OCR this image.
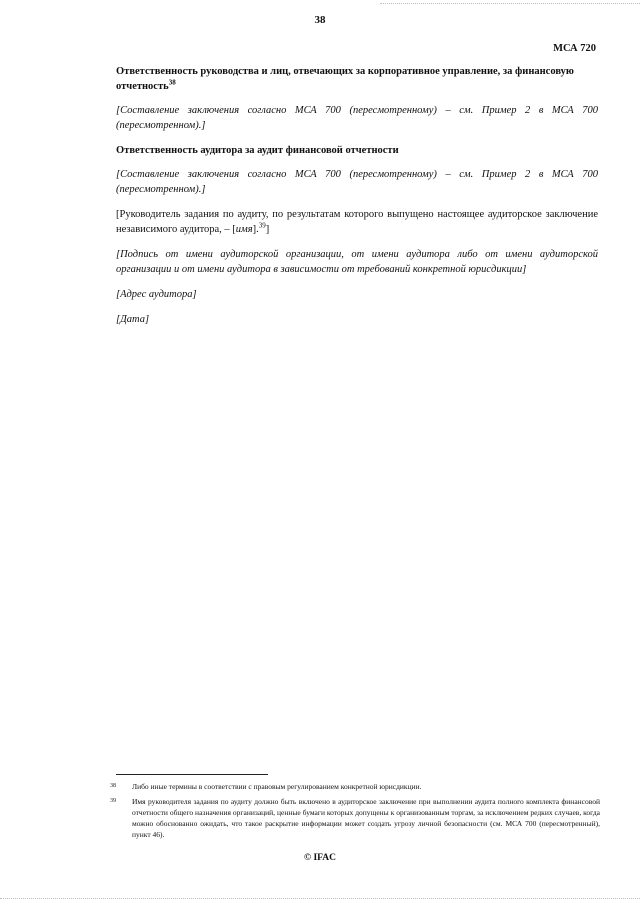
38
МСА 720

Ответственность руководства и лиц, отвечающих за корпоративное управление, за финансовую отчетность$^{38}$

[Составление заключения согласно МСА 700 (пересмотренному) – см. Пример 2 в МСА 700 (пересмотренном).]

Ответственность аудитора за аудит финансовой отчетности

[Составление заключения согласно МСА 700 (пересмотренному) – см. Пример 2 в МСА 700 (пересмотренном).]

[Руководитель задания по аудиту, по результатам которого выпущено настоящее аудиторское заключение независимого аудитора, – [имя].$^{39}$]

[Подпись от имени аудиторской организации, от имени аудитора либо от имени аудиторской организации и от имени аудитора в зависимости от требований конкретной юрисдикции]

[Адрес аудитора]

[Дата]

38	Либо иные термины в соответствии с правовым регулированием конкретной юрисдикции.
39	Имя руководителя задания по аудиту должно быть включено в аудиторское заключение при выполнении аудита полного комплекта финансовой отчетности общего назначения организаций, ценные бумаги которых допущены к организованным торгам, за исключением редких случаев, когда можно обоснованно ожидать, что такое раскрытие информации может создать угрозу личной безопасности (см. МСА 700 (пересмотренный), пункт 46).
© IFAC
